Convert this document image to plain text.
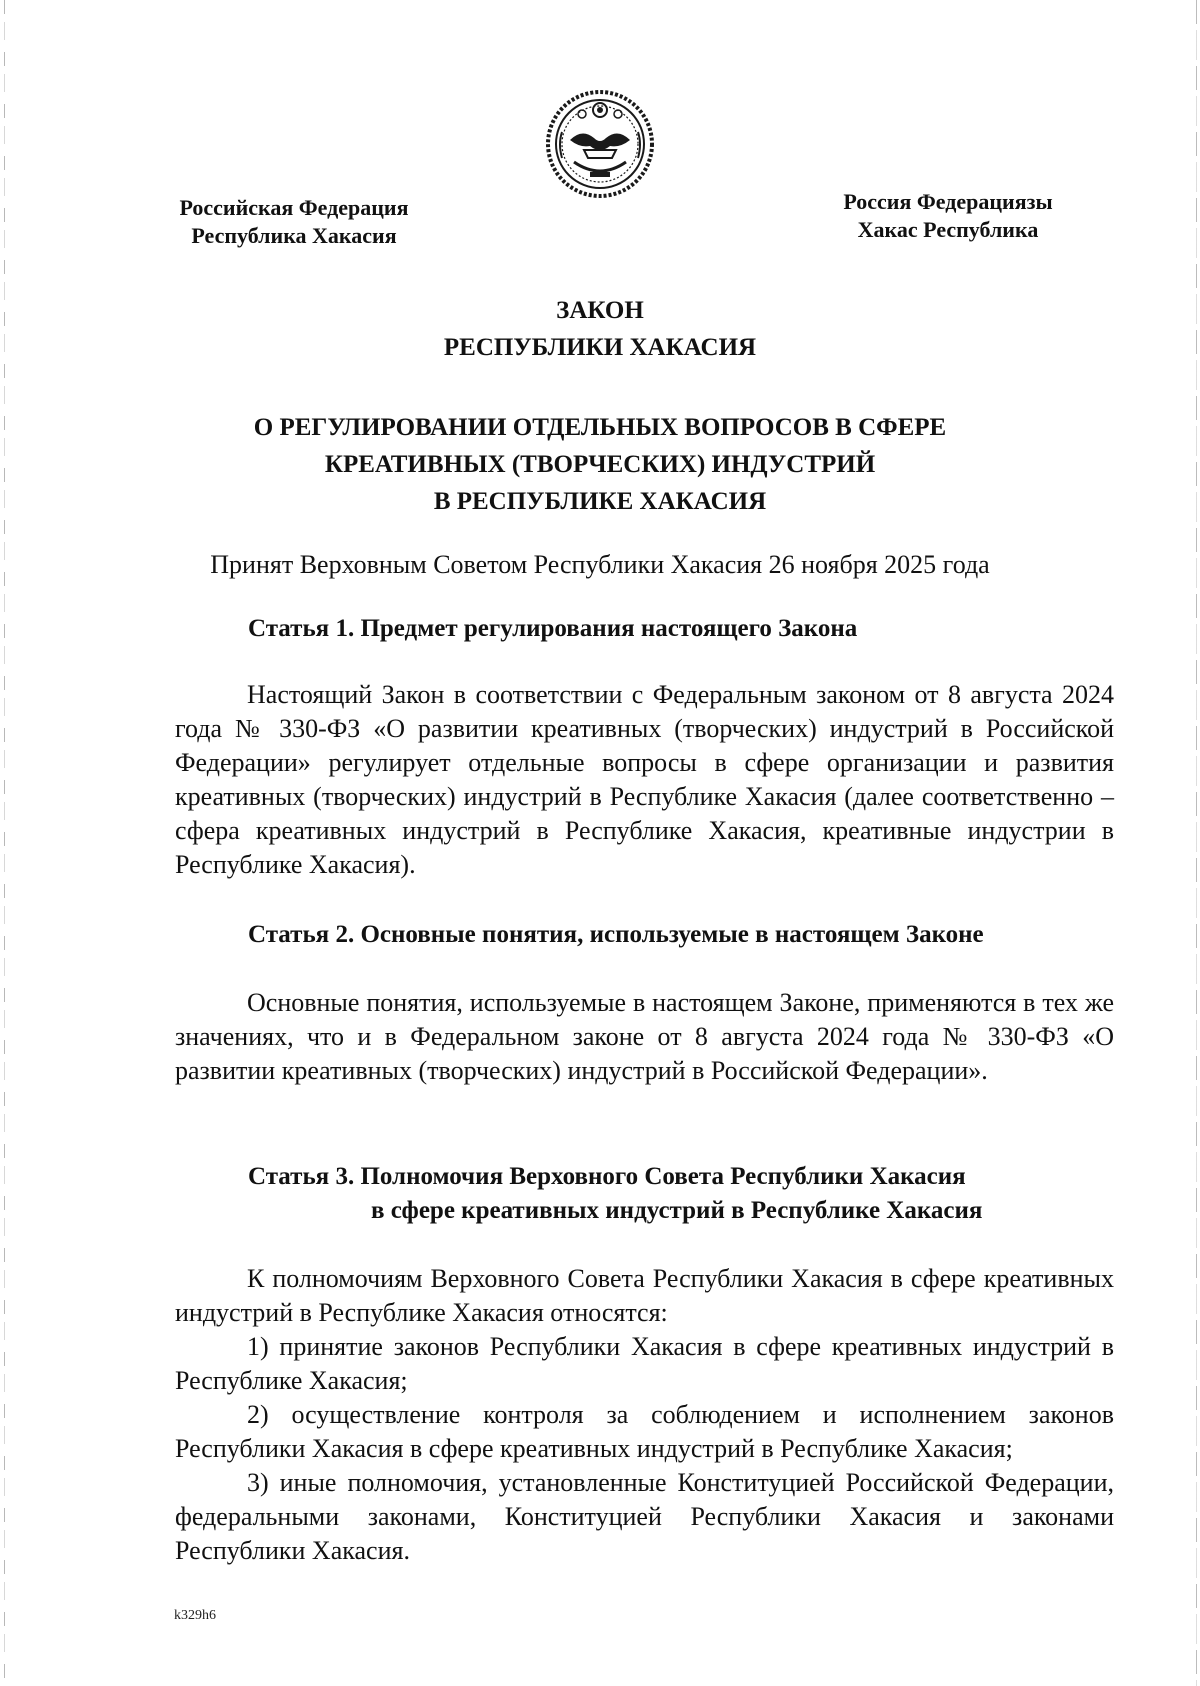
Российская Федерация
Республика Хакасия
Россия Федерациязы
Хакас Республика
ЗАКОН
РЕСПУБЛИКИ ХАКАСИЯ
О РЕГУЛИРОВАНИИ ОТДЕЛЬНЫХ ВОПРОСОВ В СФЕРЕ
КРЕАТИВНЫХ (ТВОРЧЕСКИХ) ИНДУСТРИЙ
В РЕСПУБЛИКЕ ХАКАСИЯ
Принят Верховным Советом Республики Хакасия 26 ноября 2025 года
Статья 1. Предмет регулирования настоящего Закона
Настоящий Закон в соответствии с Федеральным законом от 8 августа 2024 года № 330-ФЗ «О развитии креативных (творческих) индустрий в Российской Федерации» регулирует отдельные вопросы в сфере организации и развития креативных (творческих) индустрий в Республике Хакасия (далее соответственно – сфера креативных индустрий в Республике Хакасия, креативные индустрии в Республике Хакасия).
Статья 2. Основные понятия, используемые в настоящем Законе
Основные понятия, используемые в настоящем Законе, применяются в тех же значениях, что и в Федеральном законе от 8 августа 2024 года № 330-ФЗ «О развитии креативных (творческих) индустрий в Российской Федерации».
Статья 3. Полномочия Верховного Совета Республики Хакасия
в сфере креативных индустрий в Республике Хакасия
К полномочиям Верховного Совета Республики Хакасия в сфере креативных индустрий в Республике Хакасия относятся:
1) принятие законов Республики Хакасия в сфере креативных индустрий в Республике Хакасия;
2) осуществление контроля за соблюдением и исполнением законов Республики Хакасия в сфере креативных индустрий в Республике Хакасия;
3) иные полномочия, установленные Конституцией Российской Федерации, федеральными законами, Конституцией Республики Хакасия и законами Республики Хакасия.
k329h6
